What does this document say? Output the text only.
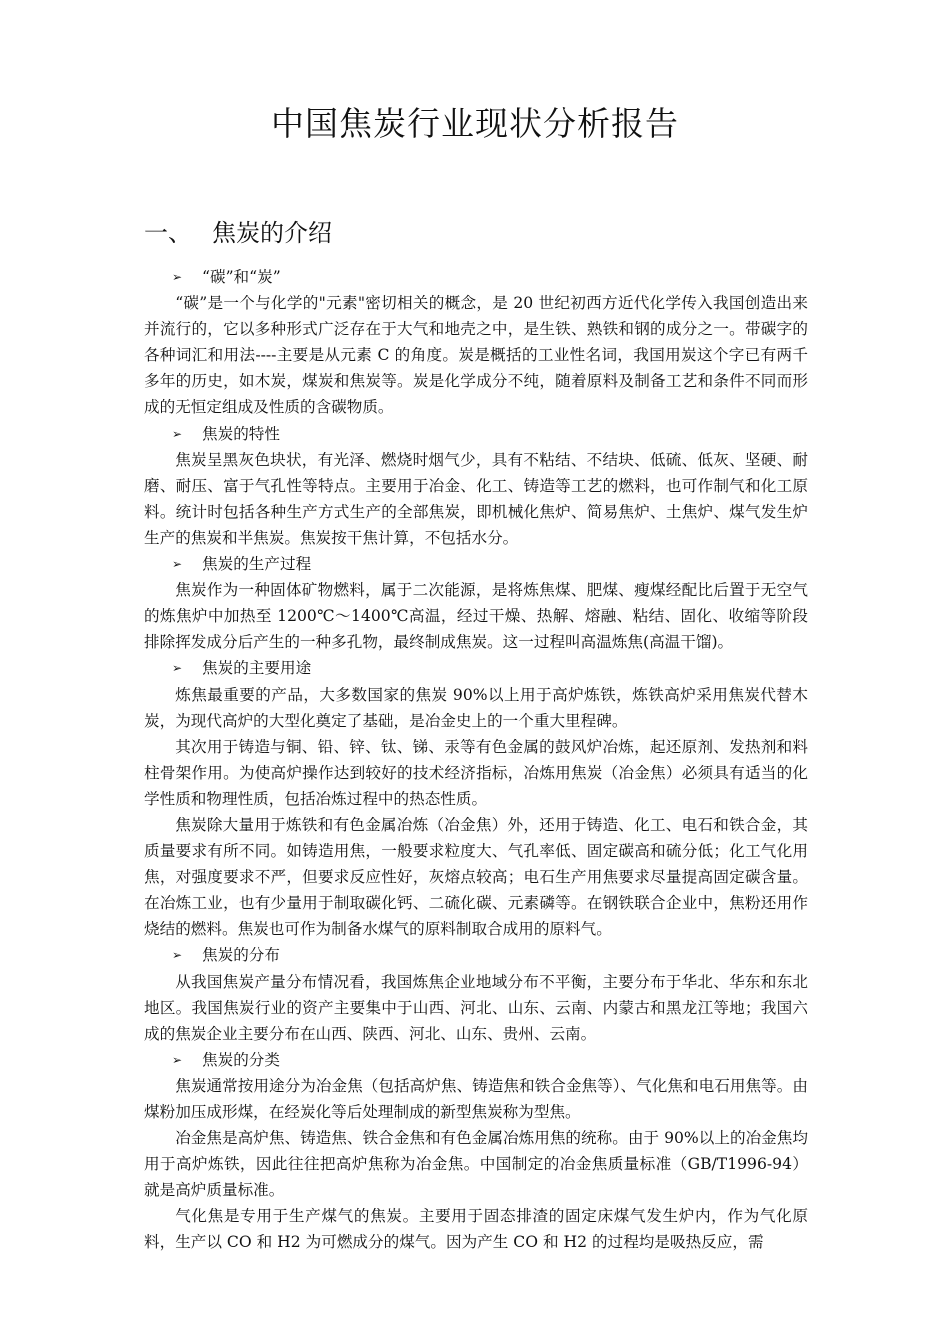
中国焦炭行业现状分析报告
一、 焦炭的介绍
➢ “碳”和“炭”
“碳”是一个与化学的"元素"密切相关的概念，是 20 世纪初西方近代化学传入我国创造出来并流行的，它以多种形式广泛存在于大气和地壳之中，是生铁、熟铁和钢的成分之一。带碳字的各种词汇和用法----主要是从元素 C 的角度。炭是概括的工业性名词，我国用炭这个字已有两千多年的历史，如木炭，煤炭和焦炭等。炭是化学成分不纯，随着原料及制备工艺和条件不同而形成的无恒定组成及性质的含碳物质。
➢ 焦炭的特性
焦炭呈黑灰色块状，有光泽、燃烧时烟气少，具有不粘结、不结块、低硫、低灰、坚硬、耐磨、耐压、富于气孔性等特点。主要用于冶金、化工、铸造等工艺的燃料，也可作制气和化工原料。统计时包括各种生产方式生产的全部焦炭，即机械化焦炉、简易焦炉、土焦炉、煤气发生炉生产的焦炭和半焦炭。焦炭按干焦计算，不包括水分。
➢ 焦炭的生产过程
焦炭作为一种固体矿物燃料，属于二次能源，是将炼焦煤、肥煤、瘦煤经配比后置于无空气的炼焦炉中加热至 1200℃～1400℃高温，经过干燥、热解、熔融、粘结、固化、收缩等阶段排除挥发成分后产生的一种多孔物，最终制成焦炭。这一过程叫高温炼焦(高温干馏)。
➢ 焦炭的主要用途
炼焦最重要的产品，大多数国家的焦炭 90%以上用于高炉炼铁，炼铁高炉采用焦炭代替木炭，为现代高炉的大型化奠定了基础，是冶金史上的一个重大里程碑。
其次用于铸造与铜、铅、锌、钛、锑、汞等有色金属的鼓风炉冶炼，起还原剂、发热剂和料柱骨架作用。为使高炉操作达到较好的技术经济指标，冶炼用焦炭（冶金焦）必须具有适当的化学性质和物理性质，包括冶炼过程中的热态性质。
焦炭除大量用于炼铁和有色金属冶炼（冶金焦）外，还用于铸造、化工、电石和铁合金，其质量要求有所不同。如铸造用焦，一般要求粒度大、气孔率低、固定碳高和硫分低；化工气化用焦，对强度要求不严，但要求反应性好，灰熔点较高；电石生产用焦要求尽量提高固定碳含量。在冶炼工业，也有少量用于制取碳化钙、二硫化碳、元素磷等。在钢铁联合企业中，焦粉还用作烧结的燃料。焦炭也可作为制备水煤气的原料制取合成用的原料气。
➢ 焦炭的分布
从我国焦炭产量分布情况看，我国炼焦企业地域分布不平衡，主要分布于华北、华东和东北地区。我国焦炭行业的资产主要集中于山西、河北、山东、云南、内蒙古和黑龙江等地；我国六成的焦炭企业主要分布在山西、陕西、河北、山东、贵州、云南。
➢ 焦炭的分类
焦炭通常按用途分为冶金焦（包括高炉焦、铸造焦和铁合金焦等）、气化焦和电石用焦等。由煤粉加压成形煤，在经炭化等后处理制成的新型焦炭称为型焦。
冶金焦是高炉焦、铸造焦、铁合金焦和有色金属冶炼用焦的统称。由于 90%以上的冶金焦均用于高炉炼铁，因此往往把高炉焦称为冶金焦。中国制定的冶金焦质量标准（GB/T1996-94）就是高炉质量标准。
气化焦是专用于生产煤气的焦炭。主要用于固态排渣的固定床煤气发生炉内，作为气化原料，生产以 CO 和 H2 为可燃成分的煤气。因为产生 CO 和 H2 的过程均是吸热反应，需
